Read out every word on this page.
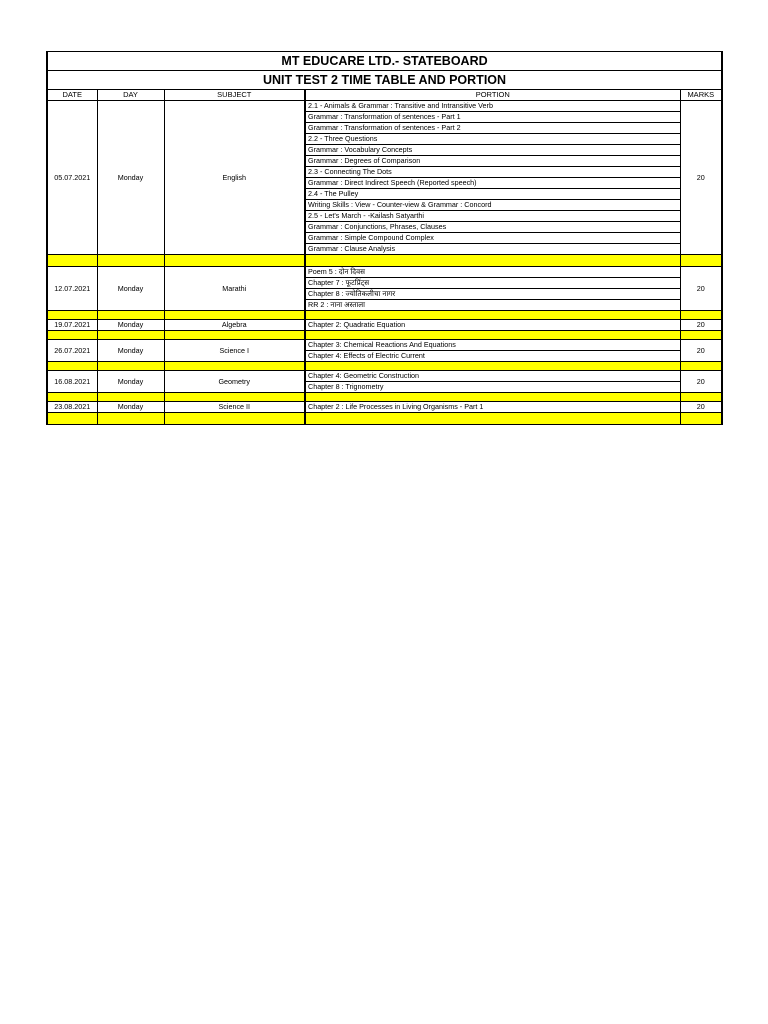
MT EDUCARE LTD.- STATEBOARD				
UNIT TEST 2 TIME TABLE AND PORTION				
DATE	DAY	SUBJECT	PORTION	MARKS
05.07.2021	Monday	English	2.1 - Animals & Grammar : Transitive and Intransitive Verb	20
			Grammar : Transformation of sentences - Part 1	
			Grammar : Transformation of sentences - Part 2	
			2.2 - Three Questions	
			Grammar : Vocabulary Concepts	
			Grammar : Degrees of Comparison	
			2.3 - Connecting The Dots	
			Grammar : Direct Indirect Speech (Reported speech)	
			2.4 - The Pulley	
			Writing Skills : View - Counter-view & Grammar : Concord	
			2.5 - Let's March - -Kailash Satyarthi	
			Grammar : Conjunctions, Phrases, Clauses	
			Grammar : Simple Compound Complex	
			Grammar : Clause Analysis	

12.07.2021	Monday	Marathi	Poem 5 : दोन दिवस	20
			Chapter 7 : फूटप्रिंट्स	
			Chapter 8 : ज्योतिकलीचा नागर	
			RR 2 : नाना अस्ताला	

19.07.2021	Monday	Algebra	Chapter 2: Quadratic Equation	20

26.07.2021	Monday	Science I	Chapter 3: Chemical Reactions And Equations	20
			Chapter 4: Effects of Electric Current	

16.08.2021	Monday	Geometry	Chapter 4: Geometric Construction	20
			Chapter 8 : Trignometry	

23.08.2021	Monday	Science II	Chapter 2 : Life Processes in Living Organisms - Part 1	20
